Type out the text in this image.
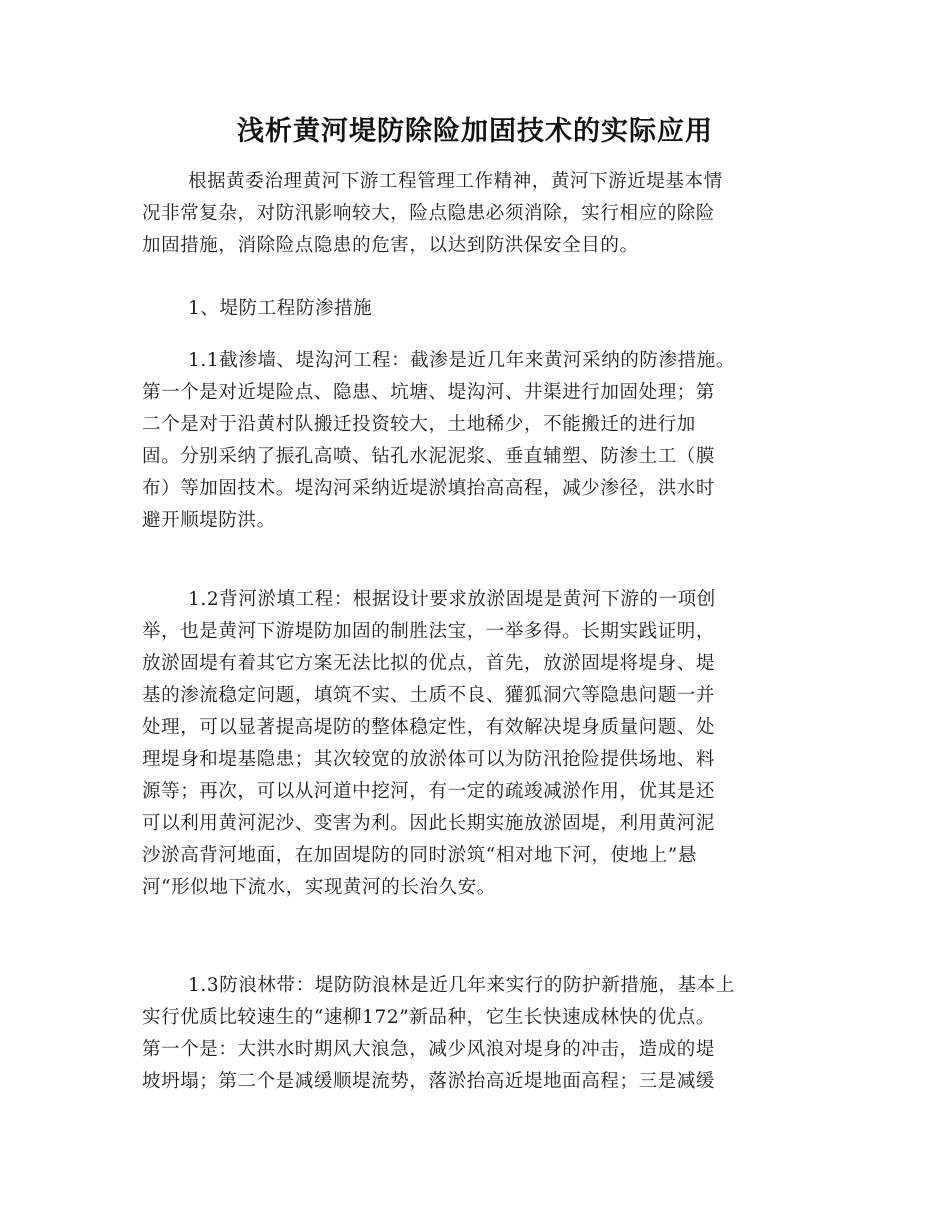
浅析黄河堤防除险加固技术的实际应用

根据黄委治理黄河下游工程管理工作精神，黄河下游近堤基本情
况非常复杂，对防汛影响较大，险点隐患必须消除，实行相应的除险
加固措施，消除险点隐患的危害，以达到防洪保安全目的。

1、堤防工程防渗措施

1.1截渗墙、堤沟河工程：截渗是近几年来黄河采纳的防渗措施。
第一个是对近堤险点、隐患、坑塘、堤沟河、井渠进行加固处理；第
二个是对于沿黄村队搬迁投资较大，土地稀少，不能搬迁的进行加
固。分别采纳了振孔高喷、钻孔水泥泥浆、垂直辅塑、防渗土工（膜
布）等加固技术。堤沟河采纳近堤淤填抬高高程，减少渗径，洪水时
避开顺堤防洪。

1.2背河淤填工程：根据设计要求放淤固堤是黄河下游的一项创
举，也是黄河下游堤防加固的制胜法宝，一举多得。长期实践证明，
放淤固堤有着其它方案无法比拟的优点，首先，放淤固堤将堤身、堤
基的渗流稳定问题，填筑不实、土质不良、獾狐洞穴等隐患问题一并
处理，可以显著提高堤防的整体稳定性，有效解决堤身质量问题、处
理堤身和堤基隐患；其次较宽的放淤体可以为防汛抢险提供场地、料
源等；再次，可以从河道中挖河，有一定的疏竣减淤作用，优其是还
可以利用黄河泥沙、变害为利。因此长期实施放淤固堤，利用黄河泥
沙淤高背河地面，在加固堤防的同时淤筑“相对地下河，使地上”悬
河“形似地下流水，实现黄河的长治久安。

1.3防浪林带：堤防防浪林是近几年来实行的防护新措施，基本上
实行优质比较速生的“速柳172”新品种，它生长快速成林快的优点。
第一个是：大洪水时期风大浪急，减少风浪对堤身的冲击，造成的堤
坡坍塌；第二个是减缓顺堤流势，落淤抬高近堤地面高程；三是减缓
